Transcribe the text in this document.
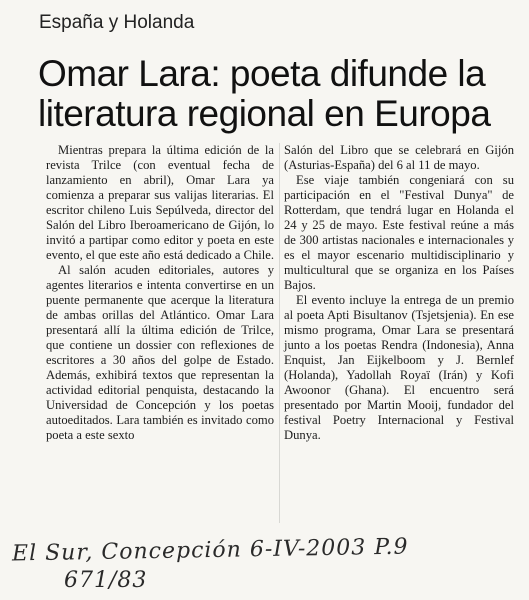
España y Holanda
Omar Lara: poeta difunde la
literatura regional en Europa

Mientras prepara la última edición de la revista Trilce (con eventual fecha de lanzamiento en abril), Omar Lara ya comienza a preparar sus valijas literarias. El escritor chileno Luis Sepúlveda, director del Salón del Libro Iberoamericano de Gijón, lo invitó a partipar como editor y poeta en este evento, el que este año está dedicado a Chile.

Al salón acuden editoriales, autores y agentes literarios e intenta convertirse en un puente permanente que acerque la literatura de ambas orillas del Atlántico. Omar Lara presentará allí la última edición de Trilce, que contiene un dossier con reflexiones de escritores a 30 años del golpe de Estado. Además, exhibirá textos que representan la actividad editorial penquista, destacando la Universidad de Concepción y los poetas autoeditados. Lara también es invitado como poeta a este sexto

Salón del Libro que se celebrará en Gijón (Asturias-España) del 6 al 11 de mayo.

Ese viaje también congeniará con su participación en el "Festival Dunya" de Rotterdam, que tendrá lugar en Holanda el 24 y 25 de mayo. Este festival reúne a más de 300 artistas nacionales e internacionales y es el mayor escenario multidisciplinario y multicultural que se organiza en los Países Bajos.

El evento incluye la entrega de un premio al poeta Apti Bisultanov (Tsjetsjenia). En ese mismo programa, Omar Lara se presentará junto a los poetas Rendra (Indonesia), Anna Enquist, Jan Eijkelboom y J. Bernlef (Holanda), Yadollah Royaï (Irán) y Kofi Awoonor (Ghana). El encuentro será presentado por Martin Mooij, fundador del festival Poetry Internacional y Festival Dunya.

El Sur, Concepción 6-IV-2003 P.9
671/83
